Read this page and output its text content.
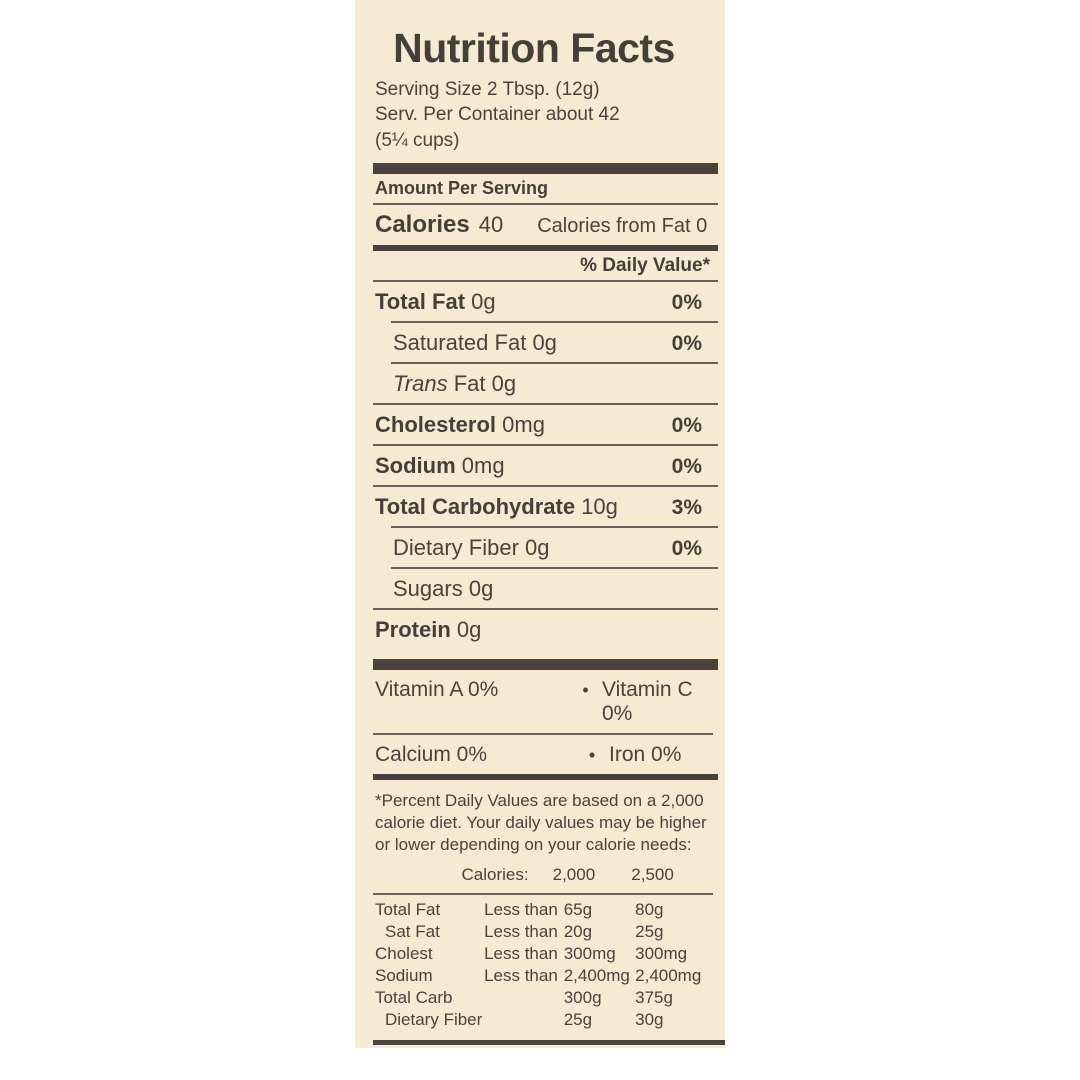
Nutrition Facts
Serving Size 2 Tbsp. (12g)
Serv. Per Container about 42
(5¼ cups)
Amount Per Serving
Calories 40 Calories from Fat 0
% Daily Value*
Total Fat 0g	0%
Saturated Fat 0g	0%
Trans Fat 0g
Cholesterol 0mg	0%
Sodium 0mg	0%
Total Carbohydrate 10g	3%
Dietary Fiber 0g	0%
Sugars 0g
Protein 0g
Vitamin A 0%	• Vitamin C 0%
Calcium 0%	• Iron 0%
*Percent Daily Values are based on a 2,000 calorie diet. Your daily values may be higher or lower depending on your calorie needs:
	Calories:	2,000	2,500
Total Fat	Less than	65g	80g
Sat Fat	Less than	20g	25g
Cholest	Less than	300mg	300mg
Sodium	Less than	2,400mg	2,400mg
Total Carb		300g	375g
Dietary Fiber		25g	30g
